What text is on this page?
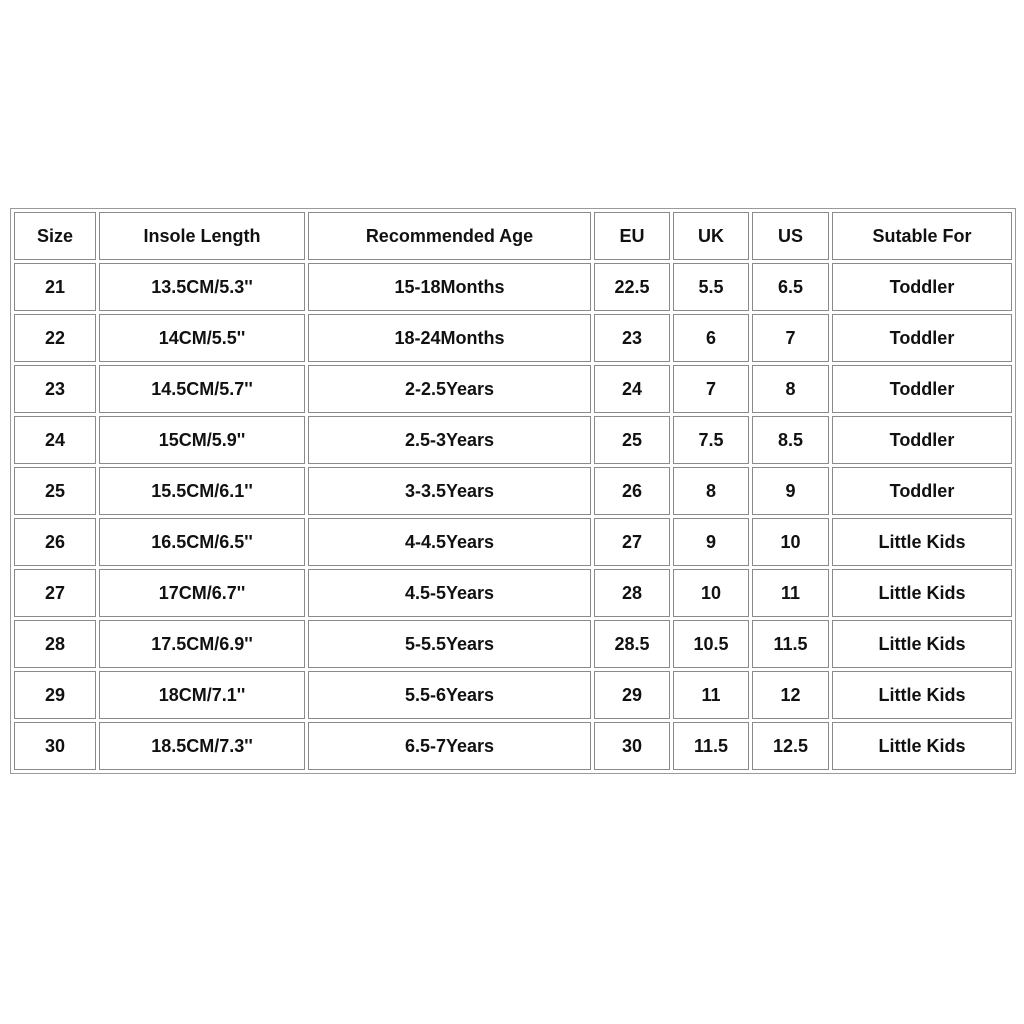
Size	Insole Length	Recommended Age	EU	UK	US	Sutable For
21	13.5CM/5.3''	15-18Months	22.5	5.5	6.5	Toddler
22	14CM/5.5''	18-24Months	23	6	7	Toddler
23	14.5CM/5.7''	2-2.5Years	24	7	8	Toddler
24	15CM/5.9''	2.5-3Years	25	7.5	8.5	Toddler
25	15.5CM/6.1''	3-3.5Years	26	8	9	Toddler
26	16.5CM/6.5''	4-4.5Years	27	9	10	Little Kids
27	17CM/6.7''	4.5-5Years	28	10	11	Little Kids
28	17.5CM/6.9''	5-5.5Years	28.5	10.5	11.5	Little Kids
29	18CM/7.1''	5.5-6Years	29	11	12	Little Kids
30	18.5CM/7.3''	6.5-7Years	30	11.5	12.5	Little Kids
